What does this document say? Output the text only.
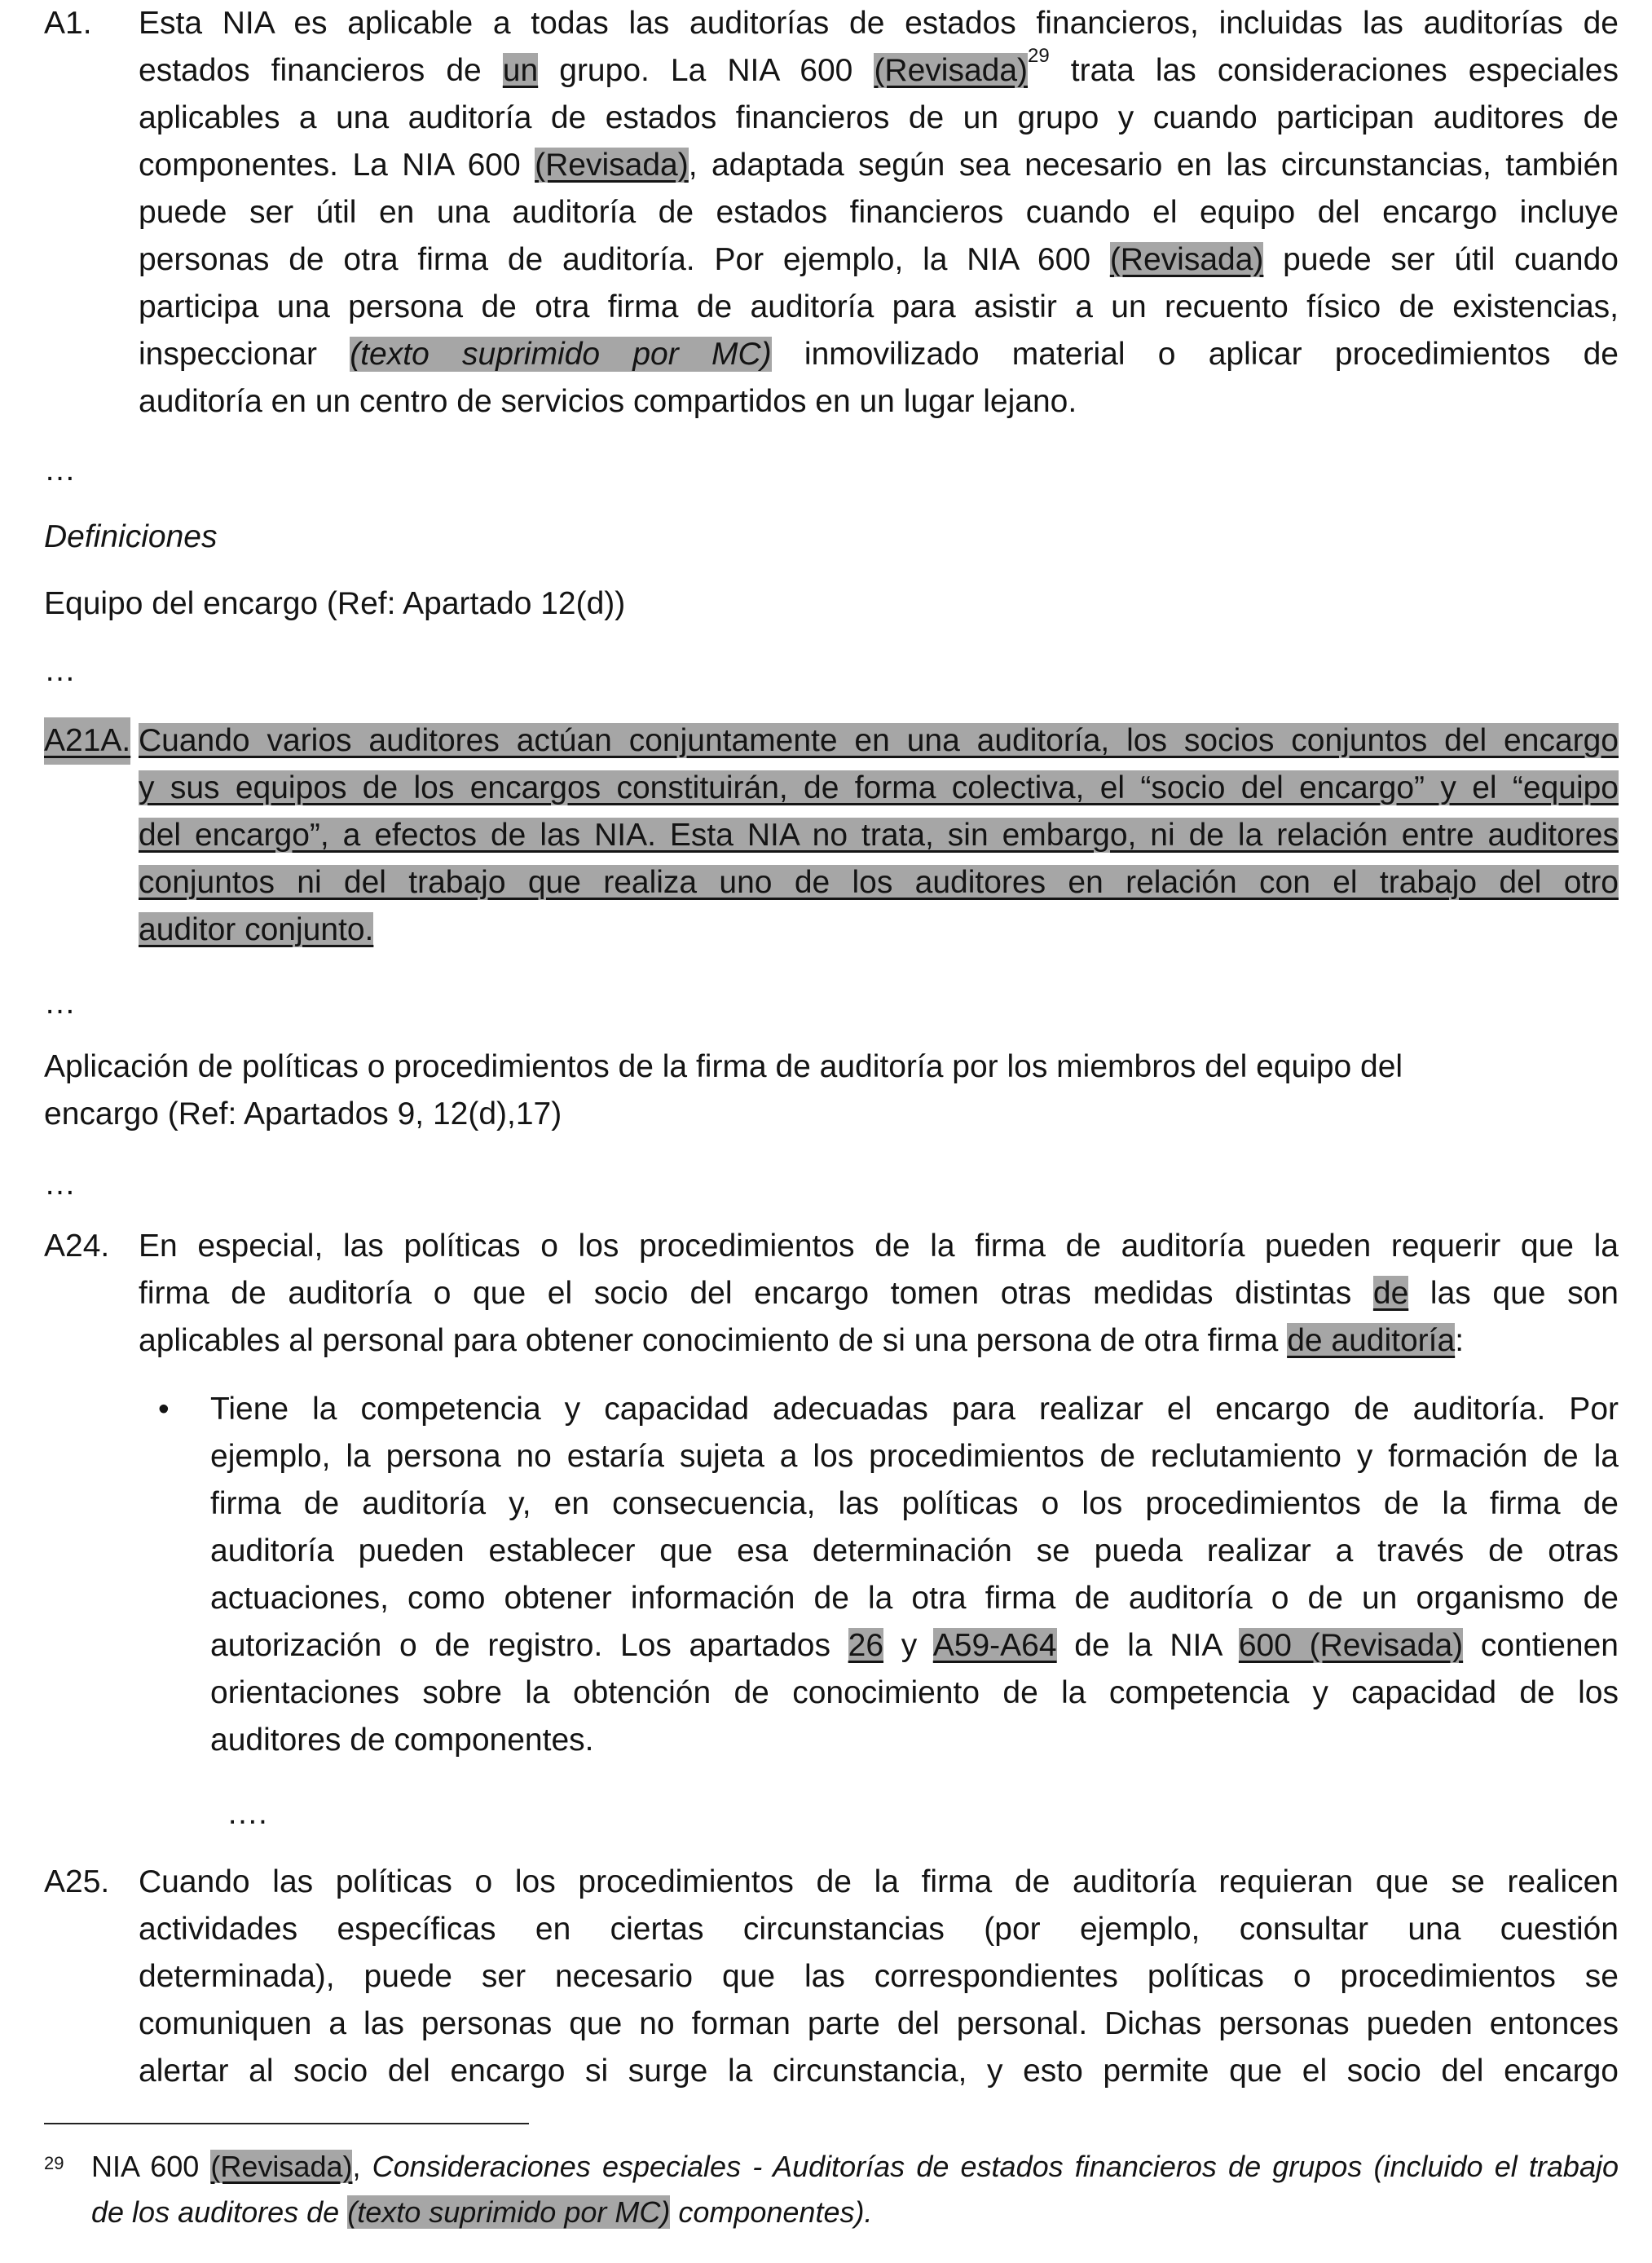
A1.	Esta NIA es aplicable a todas las auditorías de estados financieros, incluidas las auditorías de
estados financieros de un grupo. La NIA 600 (Revisada)$^{29}$ trata las consideraciones especiales
aplicables a una auditoría de estados financieros de un grupo y cuando participan auditores de
componentes. La NIA 600 (Revisada), adaptada según sea necesario en las circunstancias, también
puede ser útil en una auditoría de estados financieros cuando el equipo del encargo incluye
personas de otra firma de auditoría. Por ejemplo, la NIA 600 (Revisada) puede ser útil cuando
participa una persona de otra firma de auditoría para asistir a un recuento físico de existencias,
inspeccionar (texto suprimido por MC) inmovilizado material o aplicar procedimientos de
auditoría en un centro de servicios compartidos en un lugar lejano.
…
Definiciones
Equipo del encargo (Ref: Apartado 12(d))
…
A21A. Cuando varios auditores actúan conjuntamente en una auditoría, los socios conjuntos del encargo
y sus equipos de los encargos constituirán, de forma colectiva, el “socio del encargo” y el “equipo
del encargo”, a efectos de las NIA. Esta NIA no trata, sin embargo, ni de la relación entre auditores
conjuntos ni del trabajo que realiza uno de los auditores en relación con el trabajo del otro
auditor conjunto.
…
Aplicación de políticas o procedimientos de la firma de auditoría por los miembros del equipo del
encargo (Ref: Apartados 9, 12(d),17)
…
A24. En especial, las políticas o los procedimientos de la firma de auditoría pueden requerir que la
firma de auditoría o que el socio del encargo tomen otras medidas distintas de las que son
aplicables al personal para obtener conocimiento de si una persona de otra firma de auditoría:
• Tiene la competencia y capacidad adecuadas para realizar el encargo de auditoría. Por
ejemplo, la persona no estaría sujeta a los procedimientos de reclutamiento y formación de la
firma de auditoría y, en consecuencia, las políticas o los procedimientos de la firma de
auditoría pueden establecer que esa determinación se pueda realizar a través de otras
actuaciones, como obtener información de la otra firma de auditoría o de un organismo de
autorización o de registro. Los apartados 26 y A59-A64 de la NIA 600 (Revisada) contienen
orientaciones sobre la obtención de conocimiento de la competencia y capacidad de los
auditores de componentes.
….
A25. Cuando las políticas o los procedimientos de la firma de auditoría requieran que se realicen
actividades específicas en ciertas circunstancias (por ejemplo, consultar una cuestión
determinada), puede ser necesario que las correspondientes políticas o procedimientos se
comuniquen a las personas que no forman parte del personal. Dichas personas pueden entonces
alertar al socio del encargo si surge la circunstancia, y esto permite que el socio del encargo
29 NIA 600 (Revisada), Consideraciones especiales - Auditorías de estados financieros de grupos (incluido el trabajo
de los auditores de (texto suprimido por MC) componentes).
